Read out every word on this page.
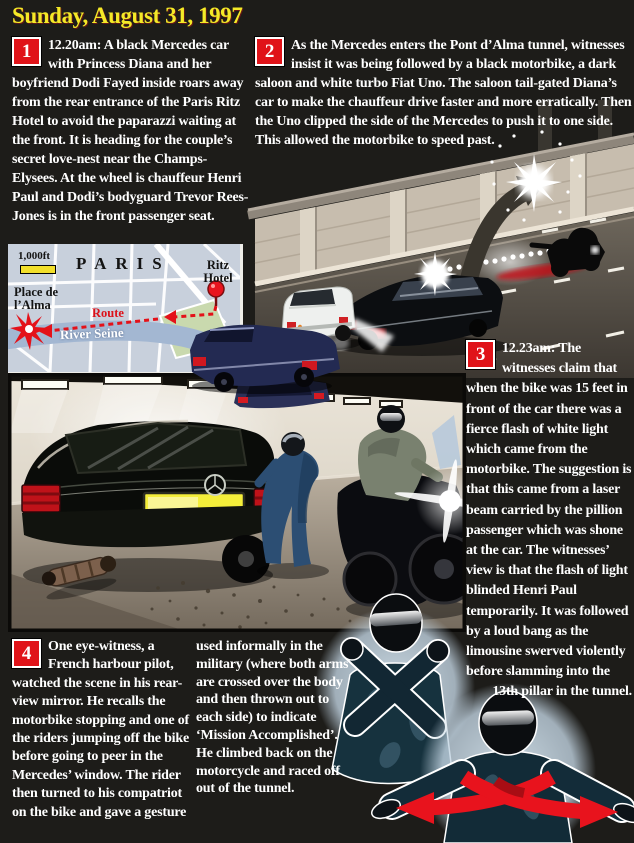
1,000ft PARIS	Ritz Hotel
Place de l’Alma
Route
River Seine
Sunday, August 31, 1997
1	12.20am: A black Mercedes car with Princess Diana and her boyfriend Dodi Fayed inside roars away from the rear entrance of the Paris Ritz Hotel to avoid the paparazzi waiting at the front. It is heading for the couple’s secret love-nest near the Champs-Elysees. At the wheel is chauffeur Henri Paul and Dodi’s bodyguard Trevor Rees-Jones is in the front passenger seat.
2	As the Mercedes enters the Pont d’Alma tunnel, witnesses insist it was being followed by a black motorbike, a dark saloon and white turbo Fiat Uno. The saloon tail-gated Diana’s car to make the chauffeur drive faster and more erratically. Then the Uno clipped the side of the Mercedes to push it to one side. This allowed the motorbike to speed past.
3	12.23am: The witnesses claim that when the bike was 15 feet in front of the car there was a fierce flash of white light which came from the motorbike. The suggestion is that this came from a laser beam carried by the pillion passenger which was shone at the car. The witnesses’ view is that the flash of light blinded Henri Paul temporarily. It was followed by a loud bang as the limousine swerved violently before slamming into the
13th pillar in the tunnel.
4	One eye-witness, a French harbour pilot, watched the scene in his rear-view mirror. He recalls the motorbike stopping and one of the riders jumping off the bike before going to peer in the Mercedes’ window. The rider then turned to his compatriot on the bike and gave a gesture
used informally in the military (where both arms are crossed over the body and then thrown out to each side) to indicate ‘Mission Accomplished’. He climbed back on the motorcycle and raced off out of the tunnel.
